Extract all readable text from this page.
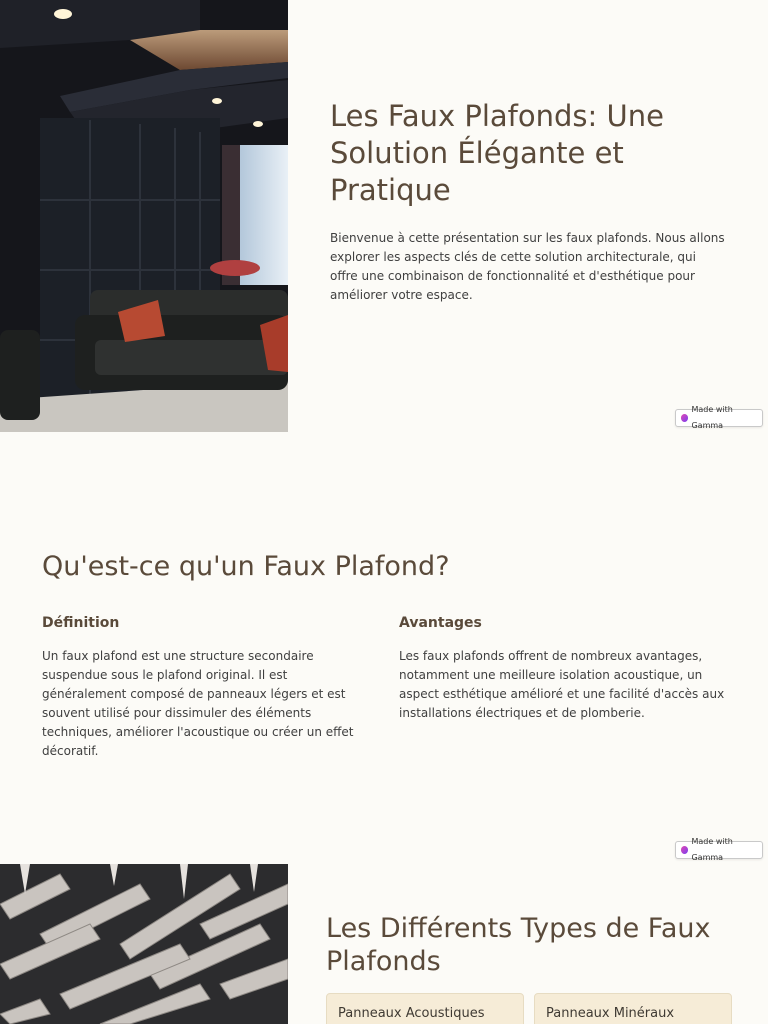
Les Faux Plafonds: Une Solution Élégante et Pratique

Bienvenue à cette présentation sur les faux plafonds. Nous allons explorer les aspects clés de cette solution architecturale, qui offre une combinaison de fonctionnalité et d'esthétique pour améliorer votre espace.

Made with Gamma
Qu'est-ce qu'un Faux Plafond?
Définition

Un faux plafond est une structure secondaire suspendue sous le plafond original. Il est généralement composé de panneaux légers et est souvent utilisé pour dissimuler des éléments techniques, améliorer l'acoustique ou créer un effet décoratif.

Avantages

Les faux plafonds offrent de nombreux avantages, notamment une meilleure isolation acoustique, un aspect esthétique amélioré et une facilité d'accès aux installations électriques et de plomberie.

Made with Gamma
Les Différents Types de Faux Plafonds
Panneaux Acoustiques	Panneaux Minéraux
